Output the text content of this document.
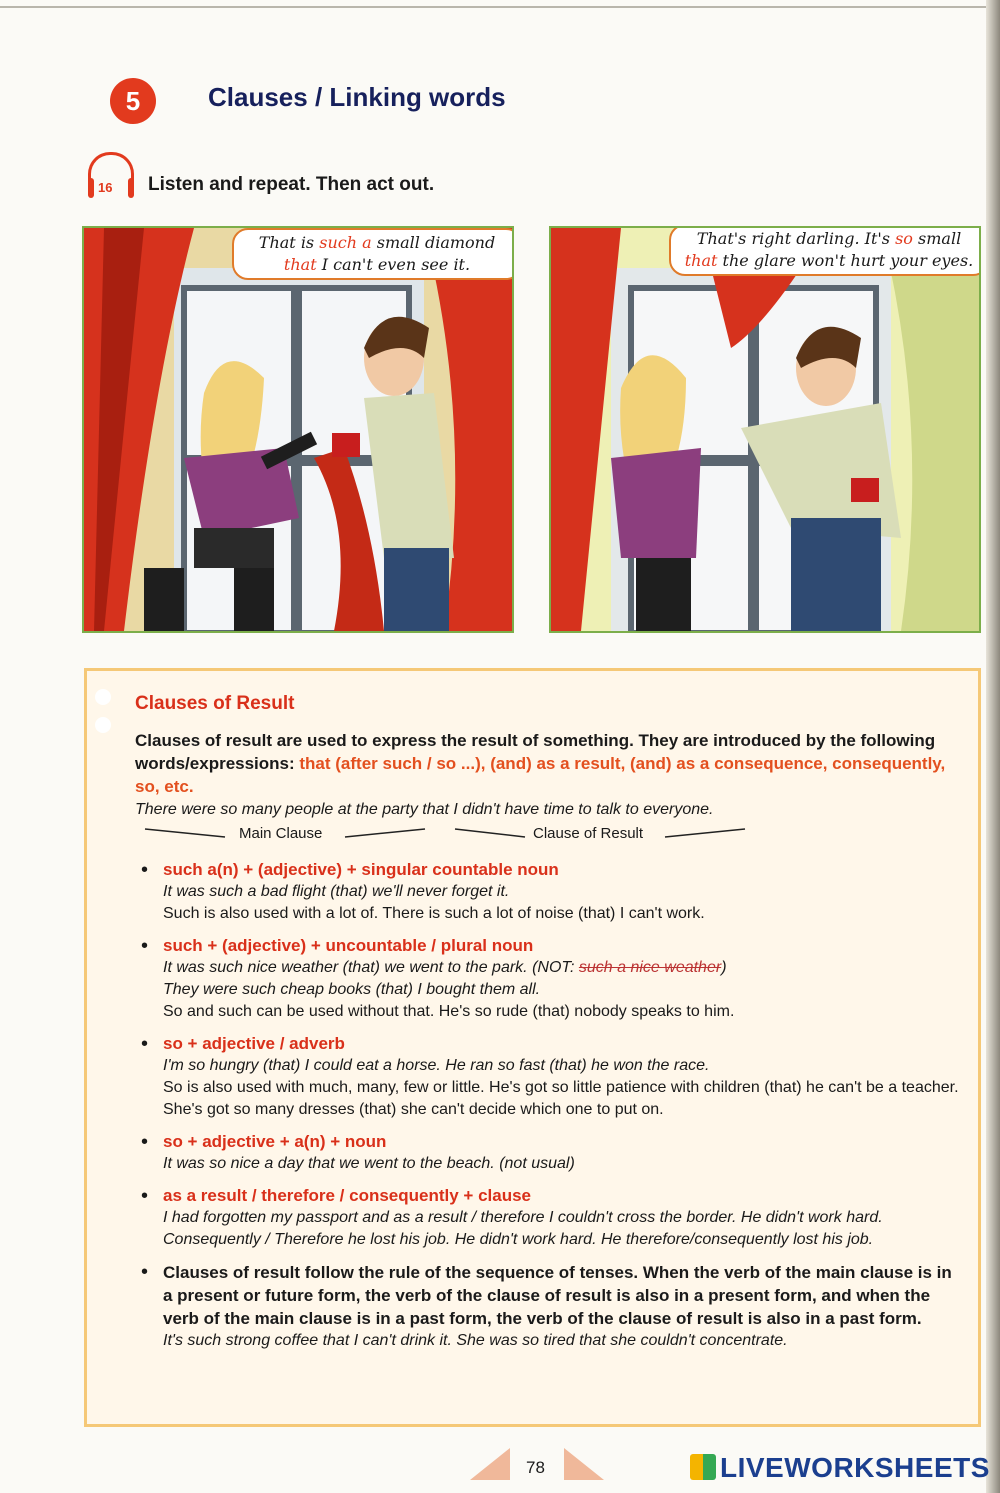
5	Clauses / Linking words
16 Listen and repeat. Then act out.
That is such a small diamond that I can't even see it.
That's right darling. It's so small that the glare won't hurt your eyes.
Clauses of Result
Clauses of result are used to express the result of something. They are introduced by the following words/expressions: that (after such / so ...), (and) as a result, (and) as a consequence, consequently, so, etc.
There were so many people at the party that I didn't have time to talk to everyone.
Main Clause	Clause of Result
• such a(n) + (adjective) + singular countable noun
It was such a bad flight (that) we'll never forget it.
Such is also used with a lot of. There is such a lot of noise (that) I can't work.
• such + (adjective) + uncountable / plural noun
It was such nice weather (that) we went to the park. (NOT: such a nice weather)
They were such cheap books (that) I bought them all.
So and such can be used without that. He's so rude (that) nobody speaks to him.
• so + adjective / adverb
I'm so hungry (that) I could eat a horse. He ran so fast (that) he won the race.
So is also used with much, many, few or little. He's got so little patience with children (that) he can't be a teacher. She's got so many dresses (that) she can't decide which one to put on.
• so + adjective + a(n) + noun
It was so nice a day that we went to the beach. (not usual)
• as a result / therefore / consequently + clause
I had forgotten my passport and as a result / therefore I couldn't cross the border. He didn't work hard. Consequently / Therefore he lost his job. He didn't work hard. He therefore/consequently lost his job.
• Clauses of result follow the rule of the sequence of tenses. When the verb of the main clause is in a present or future form, the verb of the clause of result is also in a present form, and when the verb of the main clause is in a past form, the verb of the clause of result is also in a past form.
It's such strong coffee that I can't drink it. She was so tired that she couldn't concentrate.
78	LIVEWORKSHEETS
